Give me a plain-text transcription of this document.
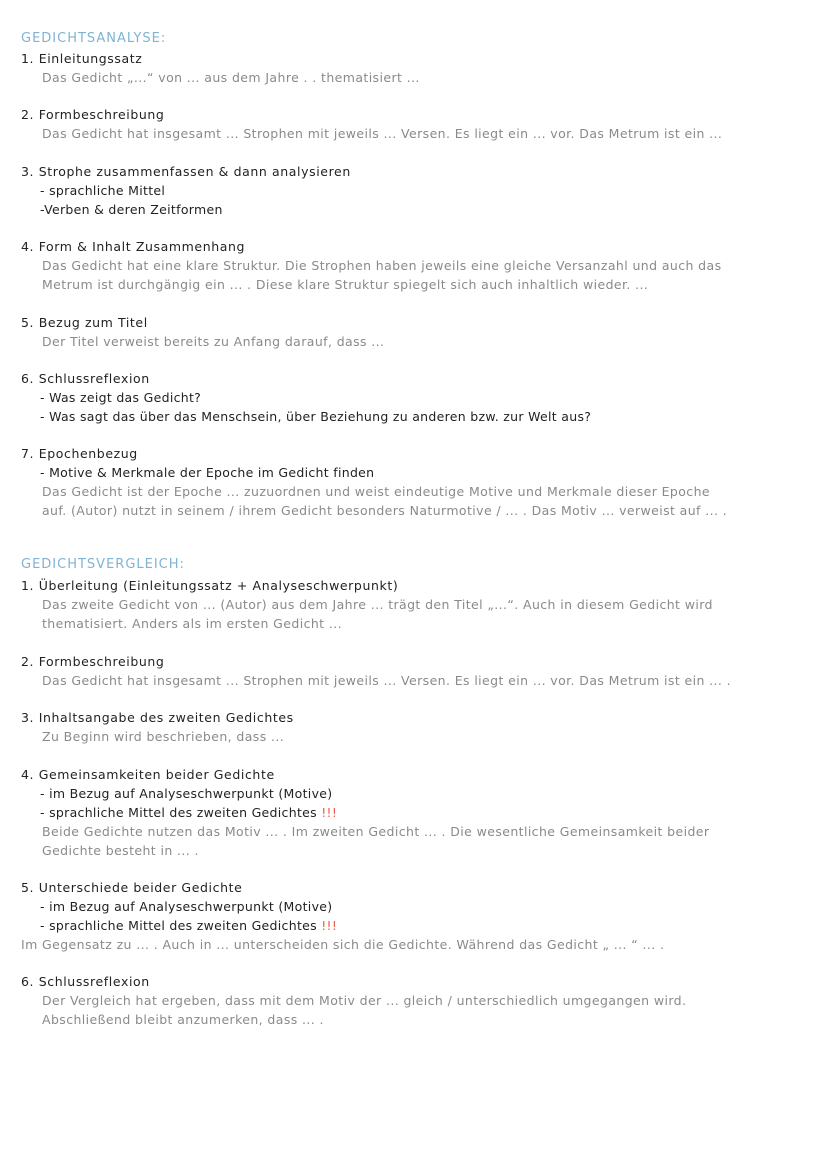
GEDICHTSANALYSE:
1. Einleitungssatz
Das Gedicht „...“ von ... aus dem Jahre . . thematisiert ...
2. Formbeschreibung
Das Gedicht hat insgesamt ... Strophen mit jeweils ... Versen. Es liegt ein ... vor. Das Metrum ist ein ...
3. Strophe zusammenfassen & dann analysieren
- sprachliche Mittel
-Verben & deren Zeitformen
4. Form & Inhalt Zusammenhang
Das Gedicht hat eine klare Struktur. Die Strophen haben jeweils eine gleiche Versanzahl und auch das
Metrum ist durchgängig ein ... . Diese klare Struktur spiegelt sich auch inhaltlich wieder. ...
5. Bezug zum Titel
Der Titel verweist bereits zu Anfang darauf, dass ...
6. Schlussreflexion
- Was zeigt das Gedicht?
- Was sagt das über das Menschsein, über Beziehung zu anderen bzw. zur Welt aus?
7. Epochenbezug
- Motive & Merkmale der Epoche im Gedicht finden
Das Gedicht ist der Epoche ... zuzuordnen und weist eindeutige Motive und Merkmale dieser Epoche
auf. (Autor) nutzt in seinem / ihrem Gedicht besonders Naturmotive / ... . Das Motiv ... verweist auf ... .
GEDICHTSVERGLEICH:
1. Überleitung (Einleitungssatz + Analyseschwerpunkt)
Das zweite Gedicht von ... (Autor) aus dem Jahre ... trägt den Titel „...“. Auch in diesem Gedicht wird
thematisiert. Anders als im ersten Gedicht ...
2. Formbeschreibung
Das Gedicht hat insgesamt ... Strophen mit jeweils ... Versen. Es liegt ein ... vor. Das Metrum ist ein ... .
3. Inhaltsangabe des zweiten Gedichtes
Zu Beginn wird beschrieben, dass ...
4. Gemeinsamkeiten beider Gedichte
- im Bezug auf Analyseschwerpunkt (Motive)
- sprachliche Mittel des zweiten Gedichtes !!!
Beide Gedichte nutzen das Motiv ... . Im zweiten Gedicht ... . Die wesentliche Gemeinsamkeit beider
Gedichte besteht in ... .
5. Unterschiede beider Gedichte
- im Bezug auf Analyseschwerpunkt (Motive)
- sprachliche Mittel des zweiten Gedichtes !!!
Im Gegensatz zu ... . Auch in ... unterscheiden sich die Gedichte. Während das Gedicht „ ... “ ... .
6. Schlussreflexion
Der Vergleich hat ergeben, dass mit dem Motiv der ... gleich / unterschiedlich umgegangen wird.
Abschließend bleibt anzumerken, dass ... .
